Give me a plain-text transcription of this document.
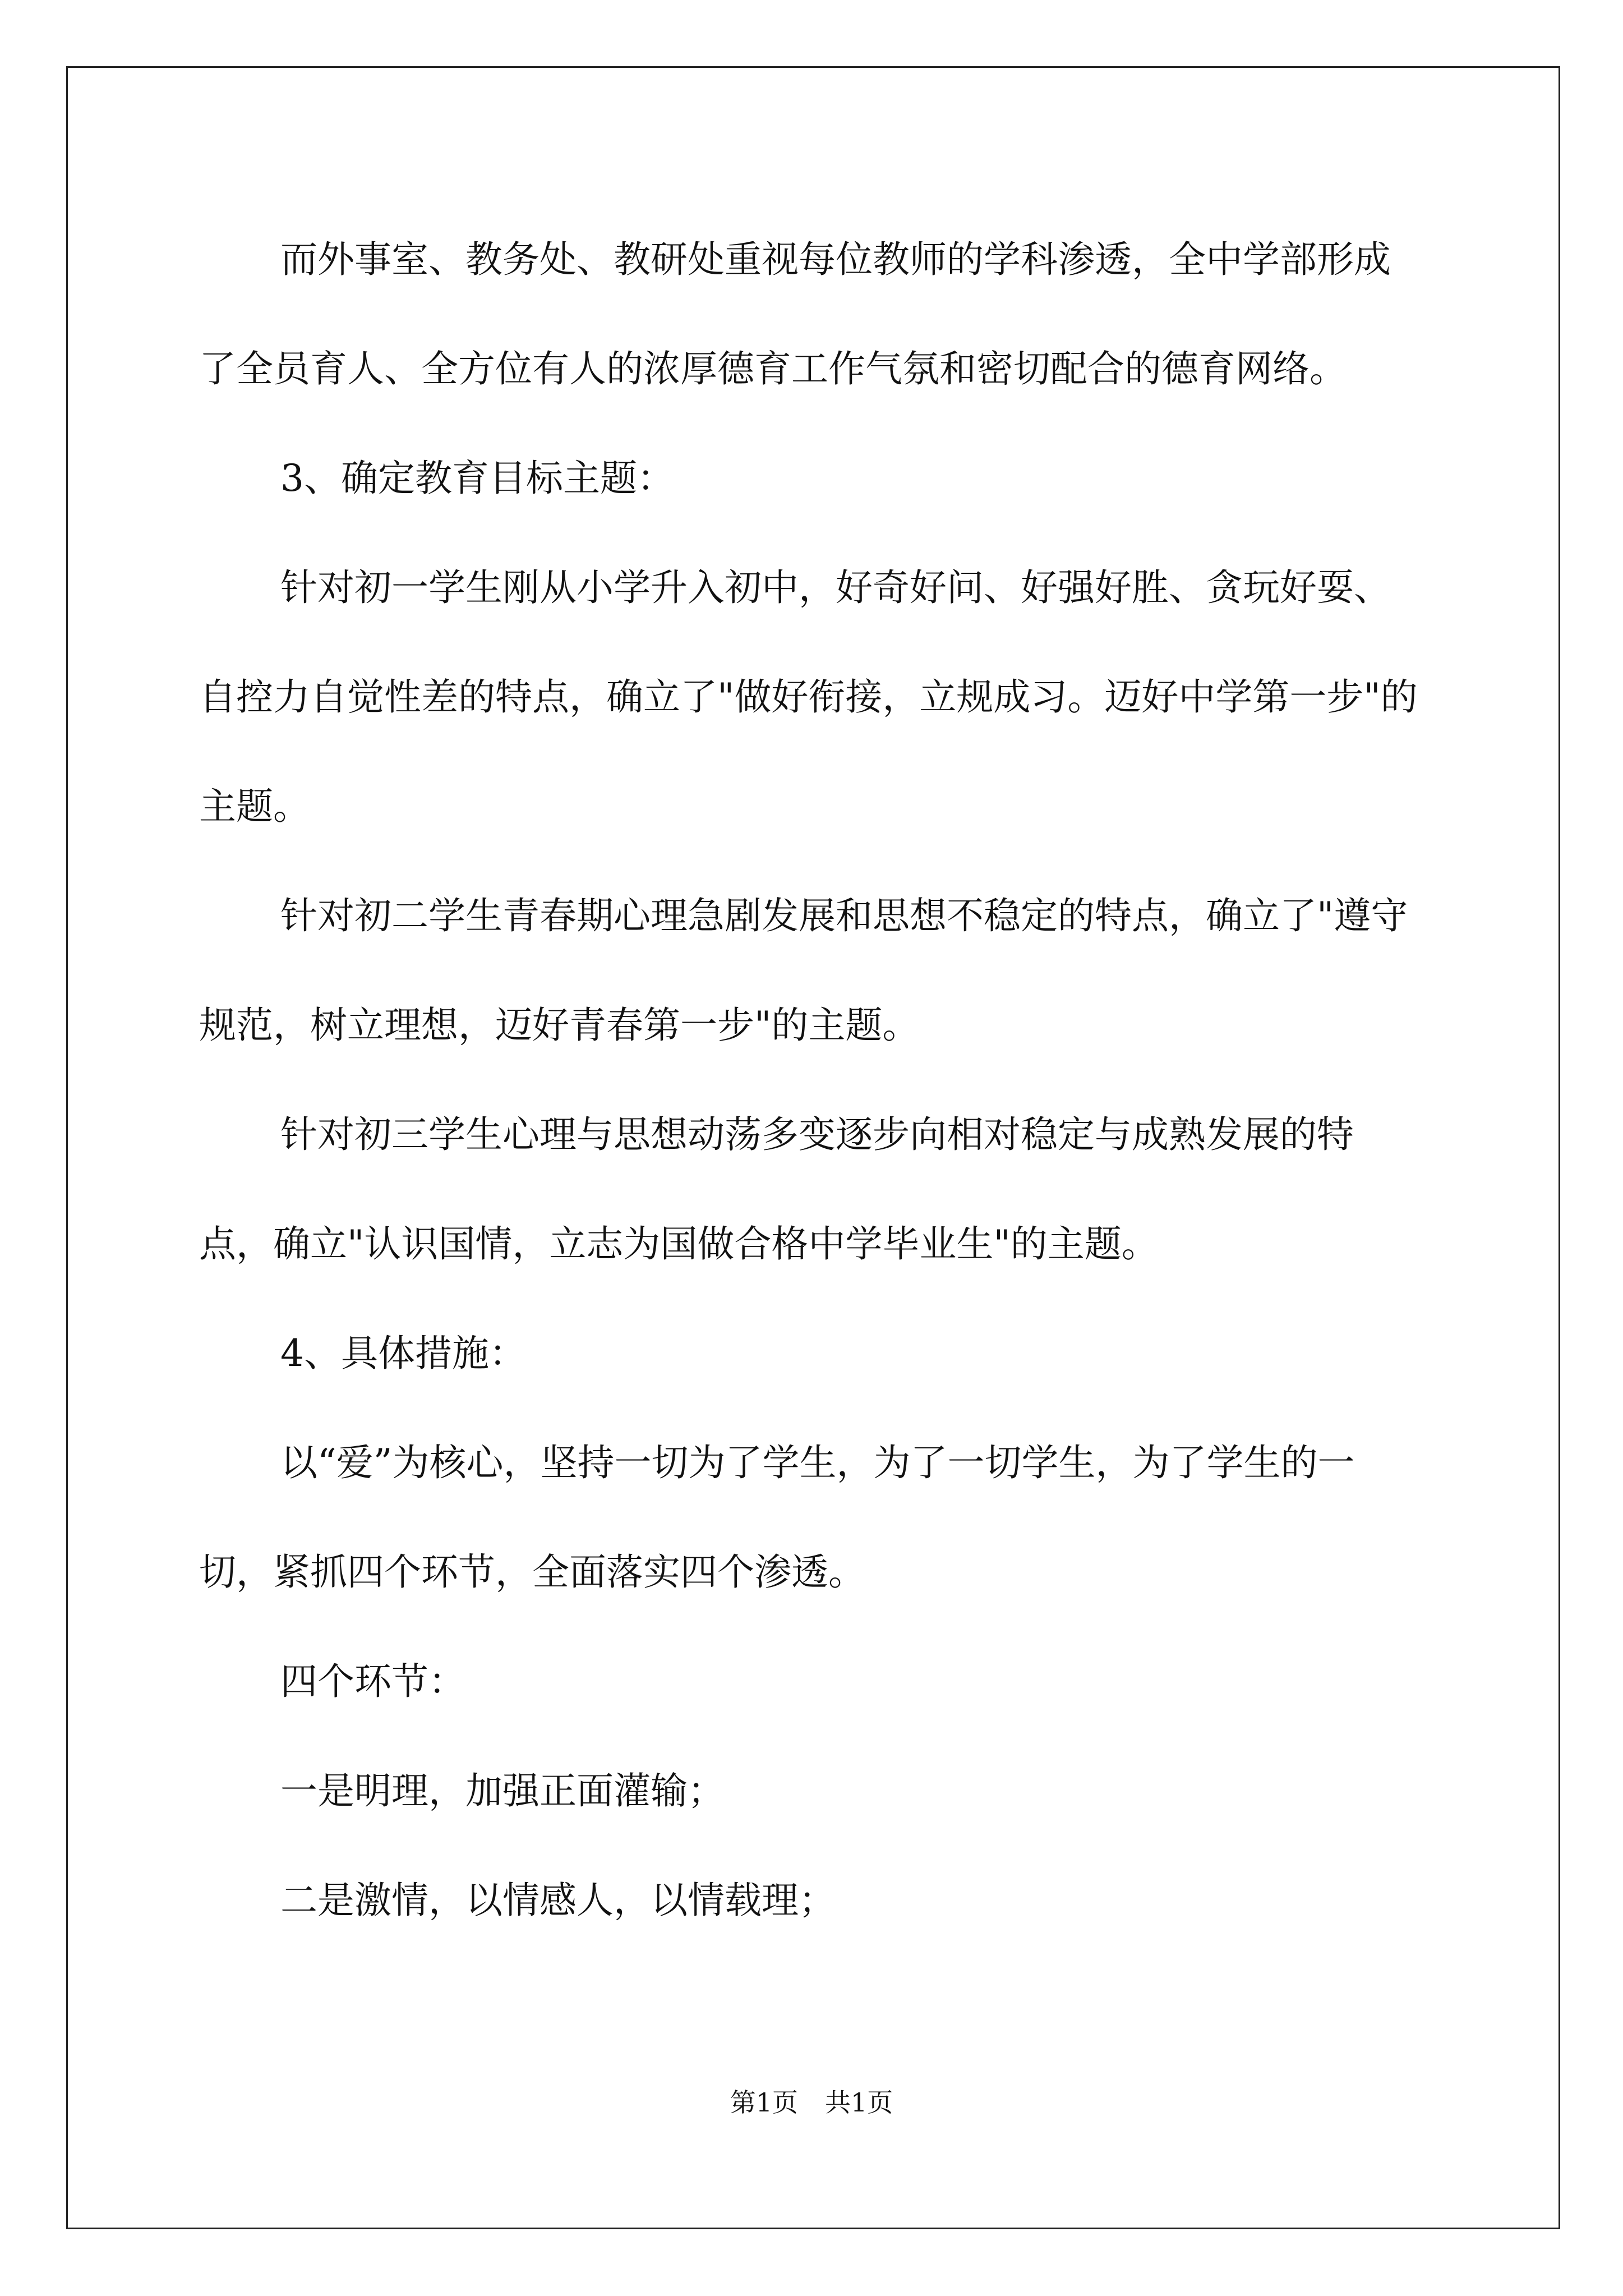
而外事室、教务处、教研处重视每位教师的学科渗透，全中学部形成了全员育人、全方位有人的浓厚德育工作气氛和密切配合的德育网络。

3、确定教育目标主题：

针对初一学生刚从小学升入初中，好奇好问、好强好胜、贪玩好耍、自控力自觉性差的特点，确立了"做好衔接，立规成习。迈好中学第一步"的主题。

针对初二学生青春期心理急剧发展和思想不稳定的特点，确立了"遵守规范，树立理想，迈好青春第一步"的主题。

针对初三学生心理与思想动荡多变逐步向相对稳定与成熟发展的特点，确立"认识国情，立志为国做合格中学毕业生"的主题。

4、具体措施：

以“爱”为核心，坚持一切为了学生，为了一切学生，为了学生的一切，紧抓四个环节，全面落实四个渗透。

四个环节：

一是明理，加强正面灌输；

二是激情，以情感人，以情载理；

第1页 共1页
